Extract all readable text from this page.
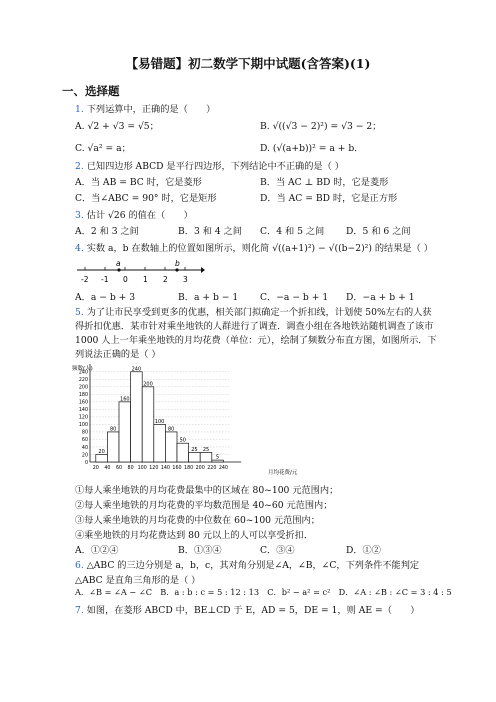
【易错题】初二数学下期中试题(含答案)(1)
一、选择题
1. 下列运算中，正确的是（　　）
A. √2 + √3 = √5；	B. √((√3 − 2)²) = √3 − 2；
C. √a² = a；	D. (√(a+b))² = a + b．
2. 已知四边形 ABCD 是平行四边形，下列结论中不正确的是（ ）
A．当 AB = BC 时，它是菱形	B．当 AC ⊥ BD 时，它是菱形
C．当∠ABC = 90° 时，它是矩形	D．当 AC = BD 时，它是正方形
3. 估计 √26 的值在（　　）
A．2 和 3 之间	B．3 和 4 之间 C．4 和 5 之间 D．5 和 6 之间
4. 实数 a，b 在数轴上的位置如图所示，则化简 √((a+1)²) − √((b−2)²) 的结果是（ ）
-2 -1 0 1 2 3
a	b
A．a − b + 3	B．a + b − 1 C．−a − b + 1 D．−a + b + 1
5. 为了让市民享受到更多的优惠，相关部门拟确定一个折扣线，计划使 50%左右的人获
得折扣优惠．某市针对乘坐地铁的人群进行了调查．调查小组在各地铁站随机调查了该市
1000 人上一年乘坐地铁的月均花费（单位：元），绘制了频数分布直方图，如图所示．下
列说法正确的是（ ）
20
80
160
240
200
100
80
50
25 25
5
0
20
40
60
80
100
120
140
160
180
200
220
240
20 40 60 80 100 120 140 160 180 200 220 240
频数(人)
月均花费/元
①每人乘坐地铁的月均花费最集中的区域在 80~100 元范围内；
②每人乘坐地铁的月均花费的平均数范围是 40~60 元范围内；
③每人乘坐地铁的月均花费的中位数在 60~100 元范围内；
④乘坐地铁的月均花费达到 80 元以上的人可以享受折扣．
A．①②④	B．①③④	C．③④	D．①②
6. △ABC 的三边分别是 a，b，c，其对角分别是∠A，∠B，∠C，下列条件不能判定
△ABC 是直角三角形的是（ ）
A．∠B = ∠A − ∠C　B．a : b : c = 5 : 12 : 13　C．b² − a² = c²　D．∠A : ∠B : ∠C = 3 : 4 : 5
7. 如图，在菱形 ABCD 中，BE⊥CD 于 E，AD = 5，DE = 1，则 AE =（　　）
